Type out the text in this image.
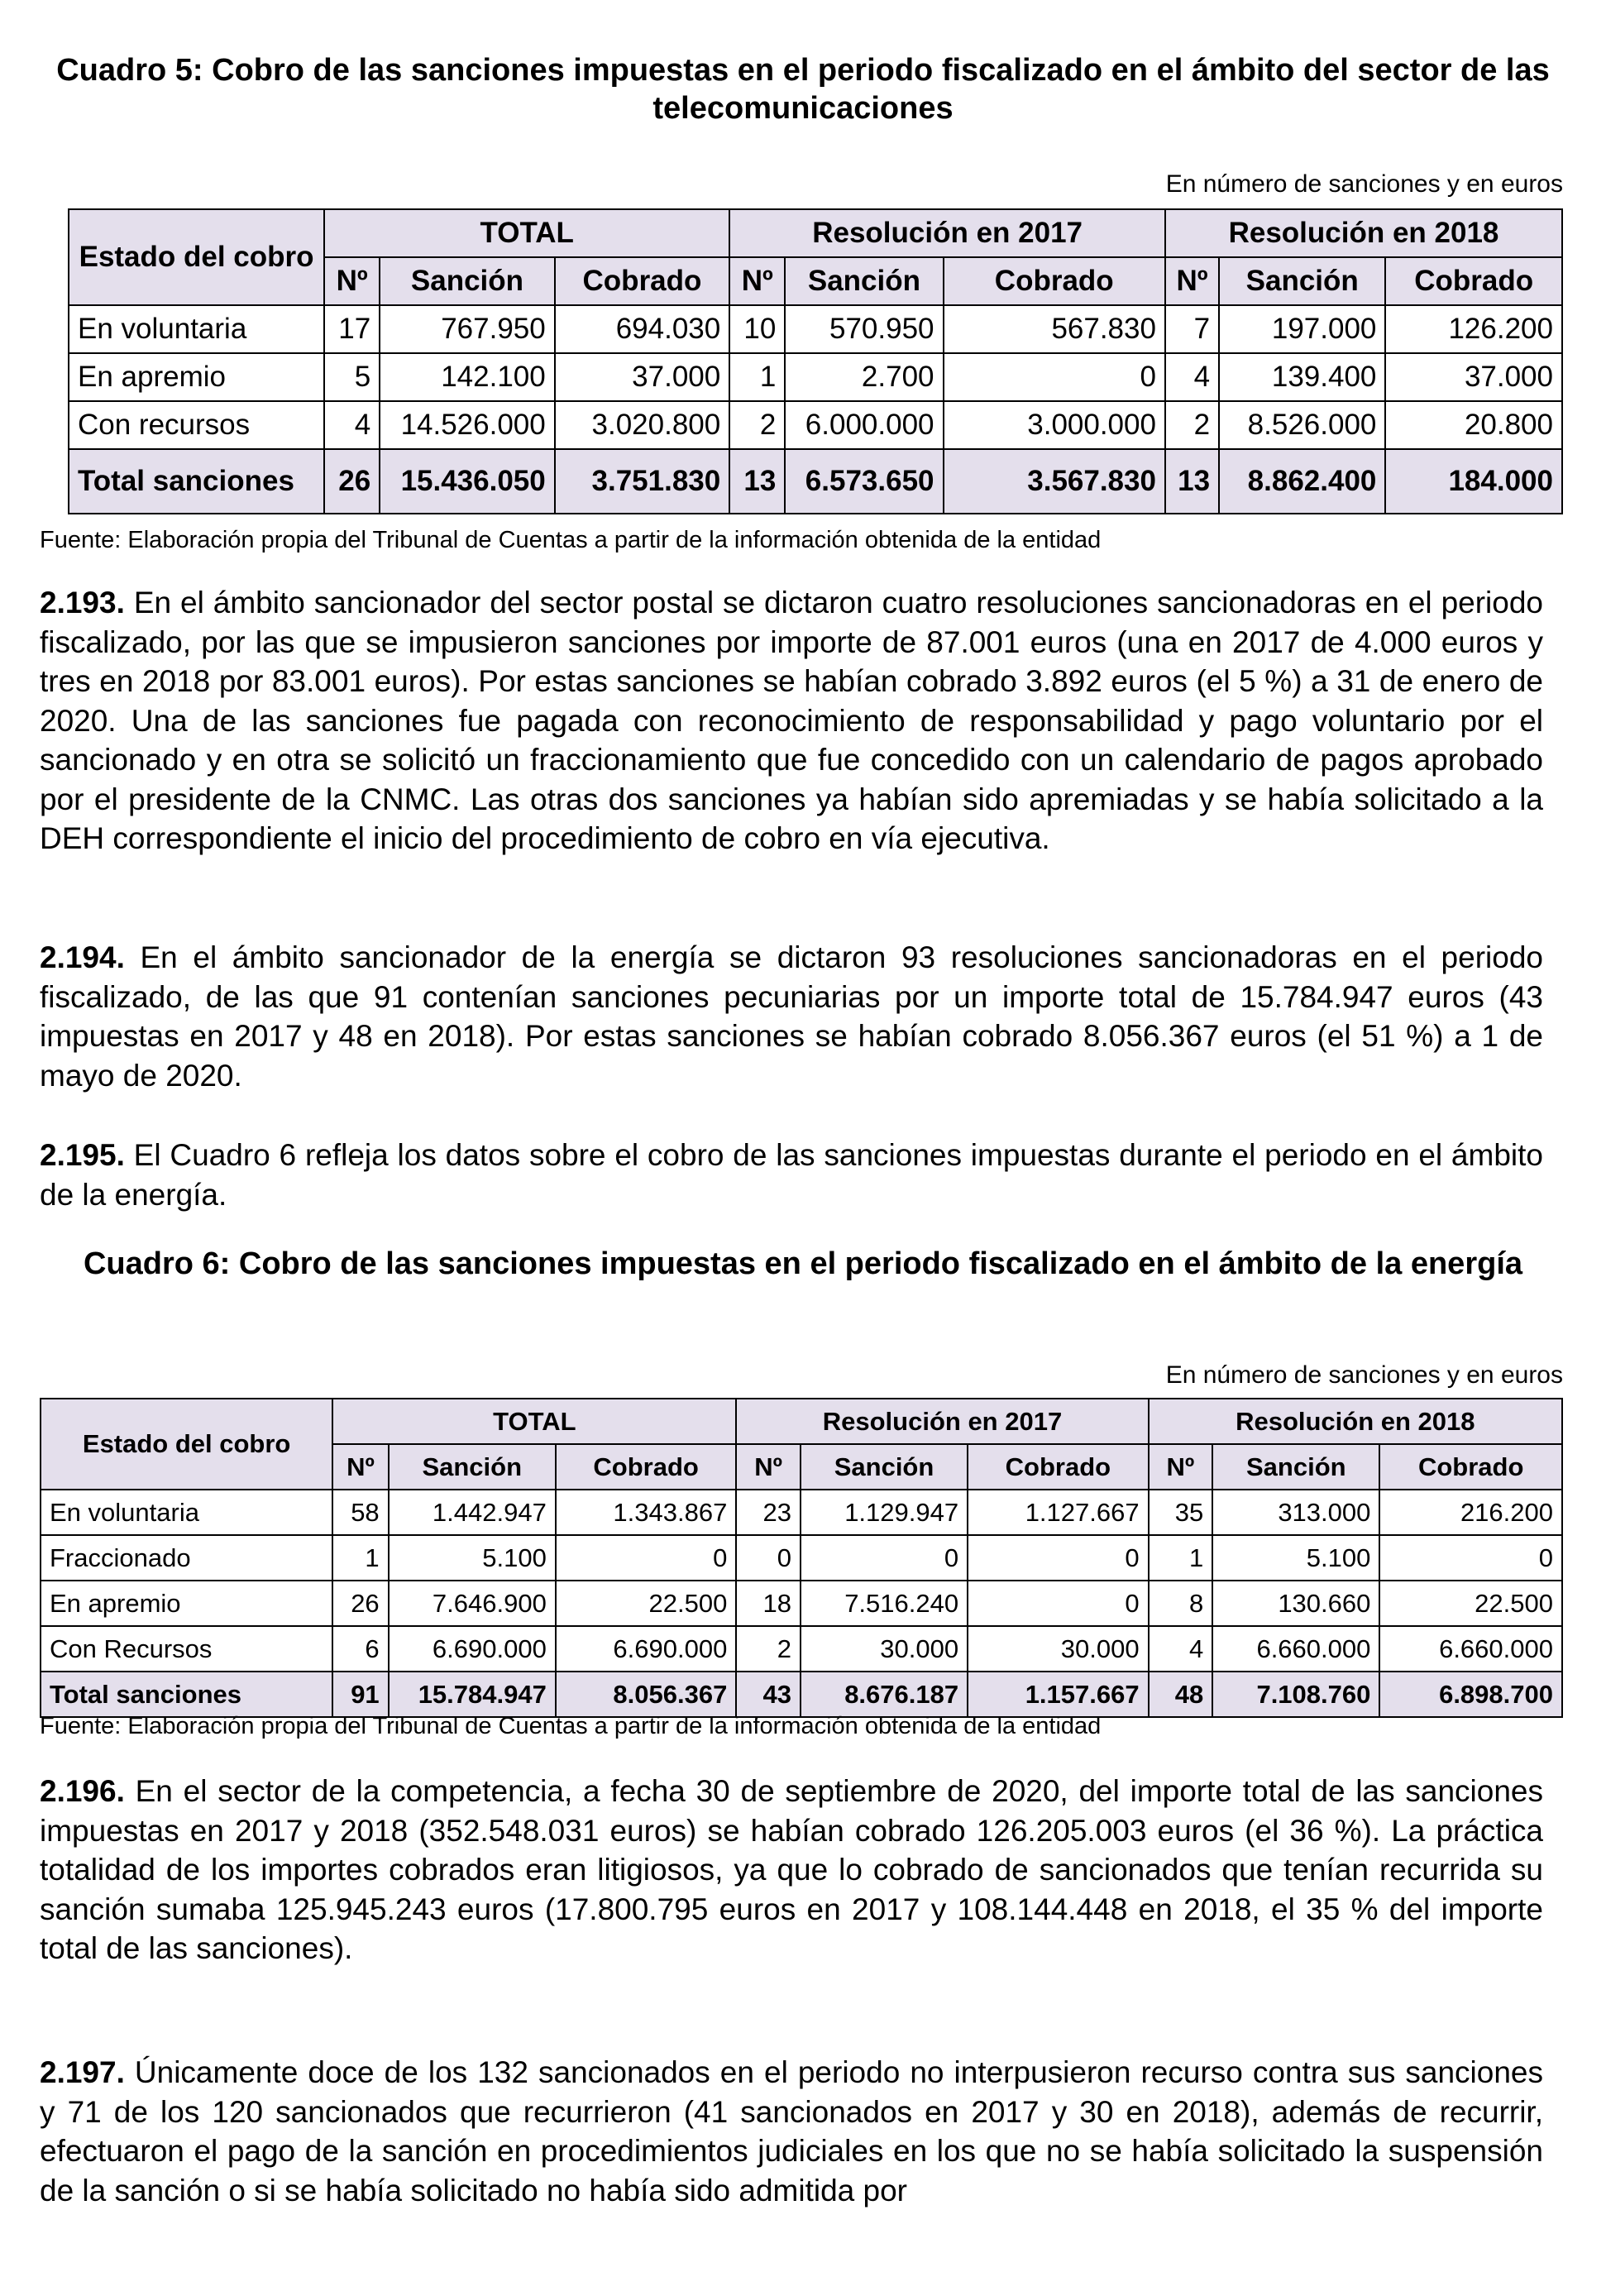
Cuadro 5: Cobro de las sanciones impuestas en el periodo fiscalizado en el ámbito del sector de las telecomunicaciones
En número de sanciones y en euros
Estado del cobro	TOTAL			Resolución en 2017			Resolución en 2018		
	Nº	Sanción	Cobrado	Nº	Sanción	Cobrado	Nº	Sanción	Cobrado
En voluntaria	17	767.950	694.030	10	570.950	567.830	7	197.000	126.200
En apremio	5	142.100	37.000	1	2.700	0	4	139.400	37.000
Con recursos	4	14.526.000	3.020.800	2	6.000.000	3.000.000	2	8.526.000	20.800
Total sanciones	26	15.436.050	3.751.830	13	6.573.650	3.567.830	13	8.862.400	184.000
Fuente: Elaboración propia del Tribunal de Cuentas a partir de la información obtenida de la entidad
2.193. En el ámbito sancionador del sector postal se dictaron cuatro resoluciones sancionadoras en el periodo fiscalizado, por las que se impusieron sanciones por importe de 87.001 euros (una en 2017 de 4.000 euros y tres en 2018 por 83.001 euros). Por estas sanciones se habían cobrado 3.892 euros (el 5 %) a 31 de enero de 2020. Una de las sanciones fue pagada con reconocimiento de responsabilidad y pago voluntario por el sancionado y en otra se solicitó un fraccionamiento que fue concedido con un calendario de pagos aprobado por el presidente de la CNMC. Las otras dos sanciones ya habían sido apremiadas y se había solicitado a la DEH correspondiente el inicio del procedimiento de cobro en vía ejecutiva.
2.194. En el ámbito sancionador de la energía se dictaron 93 resoluciones sancionadoras en el periodo fiscalizado, de las que 91 contenían sanciones pecuniarias por un importe total de 15.784.947 euros (43 impuestas en 2017 y 48 en 2018). Por estas sanciones se habían cobrado 8.056.367 euros (el 51 %) a 1 de mayo de 2020.
2.195. El Cuadro 6 refleja los datos sobre el cobro de las sanciones impuestas durante el periodo en el ámbito de la energía.
Cuadro 6: Cobro de las sanciones impuestas en el periodo fiscalizado en el ámbito de la energía
En número de sanciones y en euros
Estado del cobro	TOTAL			Resolución en 2017			Resolución en 2018		
	Nº	Sanción	Cobrado	Nº	Sanción	Cobrado	Nº	Sanción	Cobrado
En voluntaria	58	1.442.947	1.343.867	23	1.129.947	1.127.667	35	313.000	216.200
Fraccionado	1	5.100	0	0	0	0	1	5.100	0
En apremio	26	7.646.900	22.500	18	7.516.240	0	8	130.660	22.500
Con Recursos	6	6.690.000	6.690.000	2	30.000	30.000	4	6.660.000	6.660.000
Total sanciones	91	15.784.947	8.056.367	43	8.676.187	1.157.667	48	7.108.760	6.898.700
Fuente: Elaboración propia del Tribunal de Cuentas a partir de la información obtenida de la entidad
2.196. En el sector de la competencia, a fecha 30 de septiembre de 2020, del importe total de las sanciones impuestas en 2017 y 2018 (352.548.031 euros) se habían cobrado 126.205.003 euros (el 36 %). La práctica totalidad de los importes cobrados eran litigiosos, ya que lo cobrado de sancionados que tenían recurrida su sanción sumaba 125.945.243 euros (17.800.795 euros en 2017 y 108.144.448 en 2018, el 35 % del importe total de las sanciones).
2.197. Únicamente doce de los 132 sancionados en el periodo no interpusieron recurso contra sus sanciones y 71 de los 120 sancionados que recurrieron (41 sancionados en 2017 y 30 en 2018), además de recurrir, efectuaron el pago de la sanción en procedimientos judiciales en los que no se había solicitado la suspensión de la sanción o si se había solicitado no había sido admitida por
